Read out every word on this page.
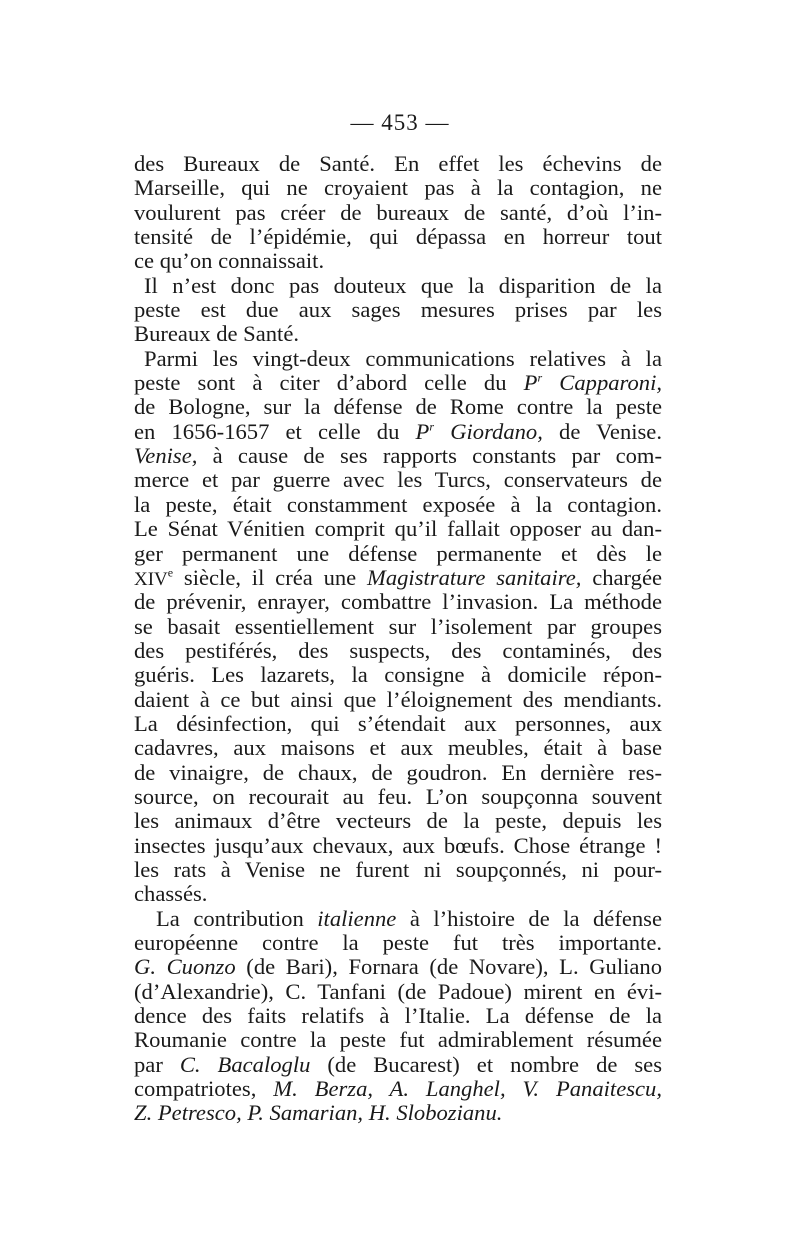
— 453 —
des Bureaux de Santé. En effet les échevins de
Marseille, qui ne croyaient pas à la contagion, ne
voulurent pas créer de bureaux de santé, d’où l’in-
tensité de l’épidémie, qui dépassa en horreur tout
ce qu’on connaissait.
Il n’est donc pas douteux que la disparition de la
peste est due aux sages mesures prises par les
Bureaux de Santé.
Parmi les vingt-deux communications relatives à la
peste sont à citer d’abord celle du $P^r$ Capparoni,
de Bologne, sur la défense de Rome contre la peste
en 1656-1657 et celle du $P^r$ Giordano, de Venise.
Venise, à cause de ses rapports constants par com-
merce et par guerre avec les Turcs, conservateurs de
la peste, était constamment exposée à la contagion.
Le Sénat Vénitien comprit qu’il fallait opposer au dan-
ger permanent une défense permanente et dès le
XIVe siècle, il créa une Magistrature sanitaire, chargée
de prévenir, enrayer, combattre l’invasion. La méthode
se basait essentiellement sur l’isolement par groupes
des pestiférés, des suspects, des contaminés, des
guéris. Les lazarets, la consigne à domicile répon-
daient à ce but ainsi que l’éloignement des mendiants.
La désinfection, qui s’étendait aux personnes, aux
cadavres, aux maisons et aux meubles, était à base
de vinaigre, de chaux, de goudron. En dernière res-
source, on recourait au feu. L’on soupçonna souvent
les animaux d’être vecteurs de la peste, depuis les
insectes jusqu’aux chevaux, aux bœufs. Chose étrange !
les rats à Venise ne furent ni soupçonnés, ni pour-
chassés.
La contribution italienne à l’histoire de la défense
européenne contre la peste fut très importante.
G. Cuonzo (de Bari), Fornara (de Novare), L. Guliano
(d’Alexandrie), C. Tanfani (de Padoue) mirent en évi-
dence des faits relatifs à l’Italie. La défense de la
Roumanie contre la peste fut admirablement résumée
par C. Bacaloglu (de Bucarest) et nombre de ses
compatriotes, M. Berza, A. Langhel, V. Panaitescu,
Z. Petresco, P. Samarian, H. Slobozianu.
